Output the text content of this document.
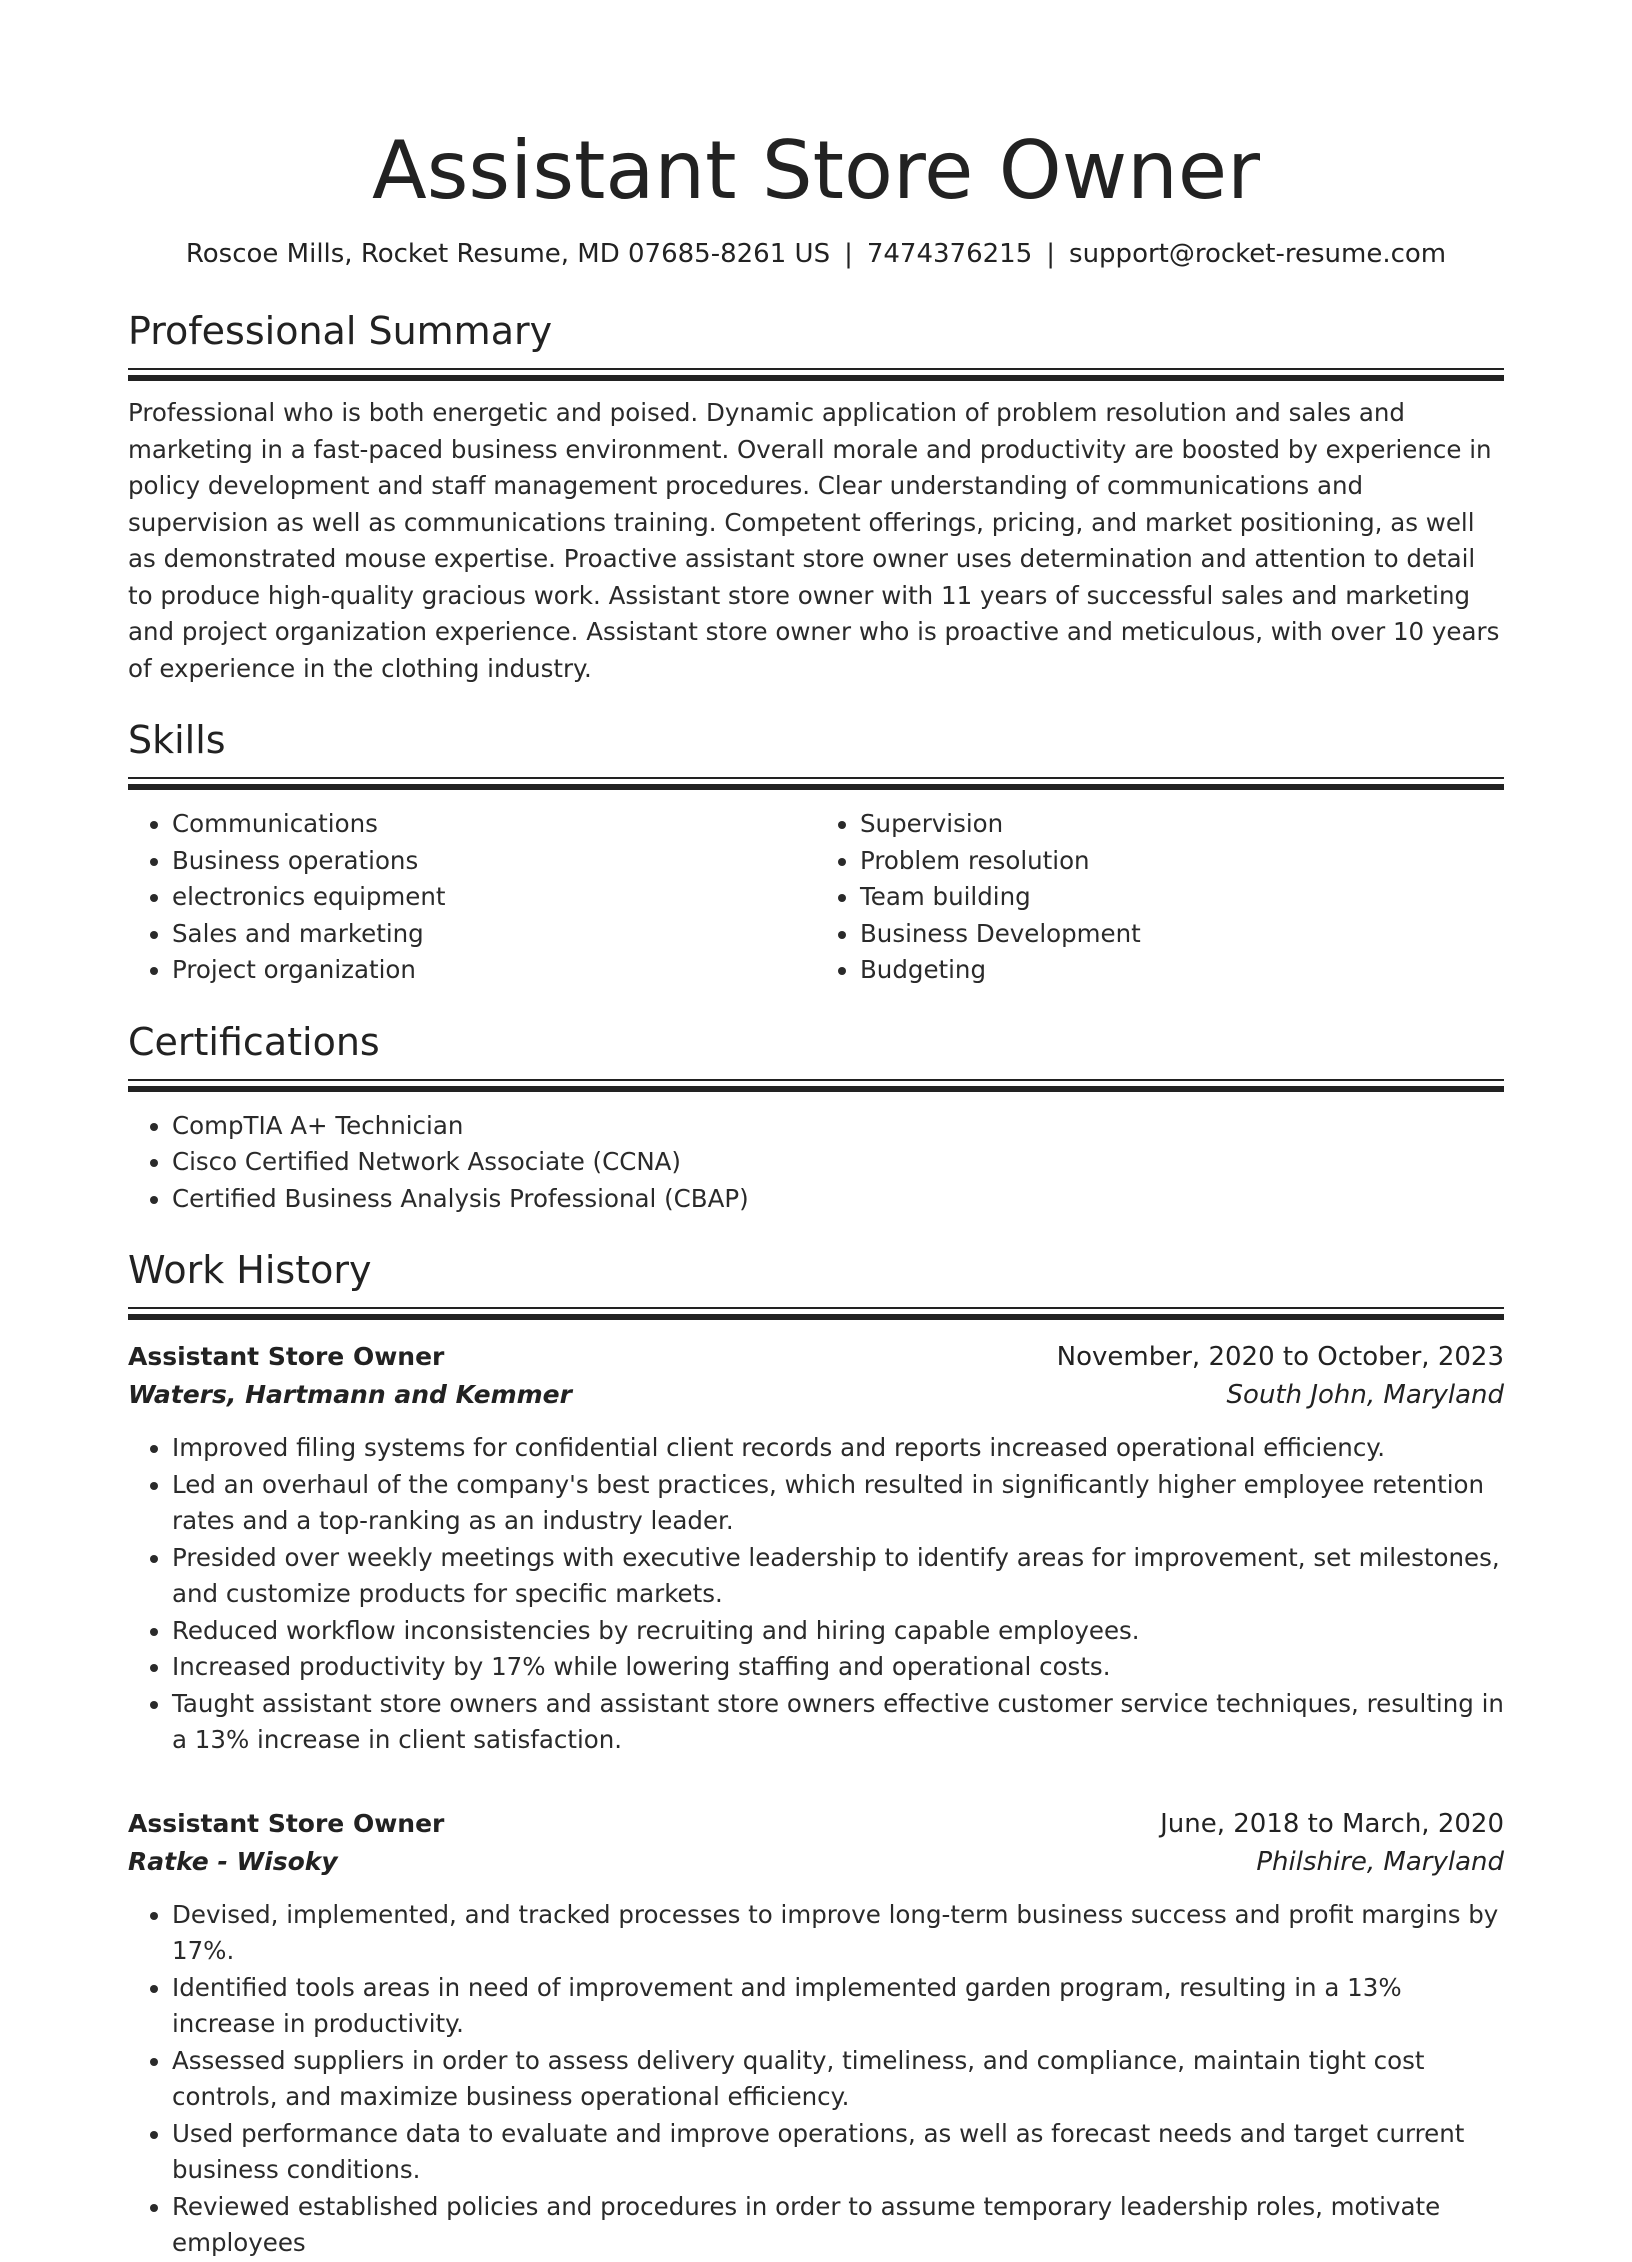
Assistant Store Owner
Roscoe Mills, Rocket Resume, MD 07685-8261 US | 7474376215 | support@rocket-resume.com
Professional Summary
Professional who is both energetic and poised. Dynamic application of problem resolution and sales and marketing in a fast-paced business environment. Overall morale and productivity are boosted by experience in policy development and staff management procedures. Clear understanding of communications and supervision as well as communications training. Competent offerings, pricing, and market positioning, as well as demonstrated mouse expertise. Proactive assistant store owner uses determination and attention to detail to produce high-quality gracious work. Assistant store owner with 11 years of successful sales and marketing and project organization experience. Assistant store owner who is proactive and meticulous, with over 10 years of experience in the clothing industry.
Skills
• Communications
• Business operations
• electronics equipment
• Sales and marketing
• Project organization
• Supervision
• Problem resolution
• Team building
• Business Development
• Budgeting
Certifications
• CompTIA A+ Technician
• Cisco Certified Network Associate (CCNA)
• Certified Business Analysis Professional (CBAP)
Work History
Assistant Store Owner	November, 2020 to October, 2023
Waters, Hartmann and Kemmer	South John, Maryland
• Improved filing systems for confidential client records and reports increased operational efficiency.
• Led an overhaul of the company's best practices, which resulted in significantly higher employee retention rates and a top-ranking as an industry leader.
• Presided over weekly meetings with executive leadership to identify areas for improvement, set milestones, and customize products for specific markets.
• Reduced workflow inconsistencies by recruiting and hiring capable employees.
• Increased productivity by 17% while lowering staffing and operational costs.
• Taught assistant store owners and assistant store owners effective customer service techniques, resulting in a 13% increase in client satisfaction.
Assistant Store Owner	June, 2018 to March, 2020
Ratke - Wisoky	Philshire, Maryland
• Devised, implemented, and tracked processes to improve long-term business success and profit margins by 17%.
• Identified tools areas in need of improvement and implemented garden program, resulting in a 13% increase in productivity.
• Assessed suppliers in order to assess delivery quality, timeliness, and compliance, maintain tight cost controls, and maximize business operational efficiency.
• Used performance data to evaluate and improve operations, as well as forecast needs and target current business conditions.
• Reviewed established policies and procedures in order to assume temporary leadership roles, motivate employees
